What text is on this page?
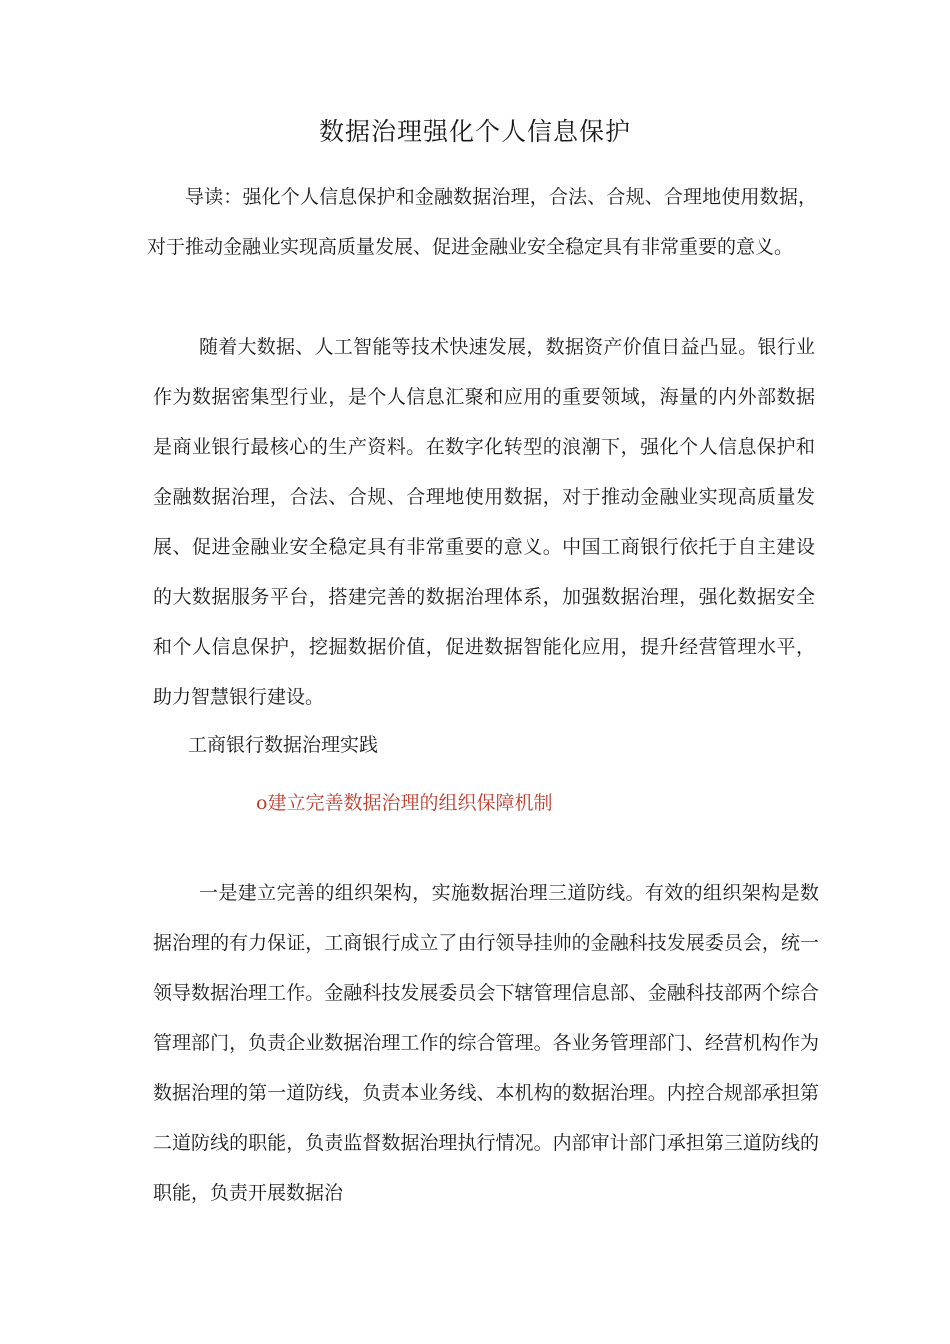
数据治理强化个人信息保护

导读：强化个人信息保护和金融数据治理，合法、合规、合理地使用数据，对于推动金融业实现高质量发展、促进金融业安全稳定具有非常重要的意义。

随着大数据、人工智能等技术快速发展，数据资产价值日益凸显。银行业作为数据密集型行业，是个人信息汇聚和应用的重要领域，海量的内外部数据是商业银行最核心的生产资料。在数字化转型的浪潮下，强化个人信息保护和金融数据治理，合法、合规、合理地使用数据，对于推动金融业实现高质量发展、促进金融业安全稳定具有非常重要的意义。中国工商银行依托于自主建设的大数据服务平台，搭建完善的数据治理体系，加强数据治理，强化数据安全和个人信息保护，挖掘数据价值，促进数据智能化应用，提升经营管理水平，助力智慧银行建设。

工商银行数据治理实践

o建立完善数据治理的组织保障机制

一是建立完善的组织架构，实施数据治理三道防线。有效的组织架构是数据治理的有力保证，工商银行成立了由行领导挂帅的金融科技发展委员会，统一领导数据治理工作。金融科技发展委员会下辖管理信息部、金融科技部两个综合管理部门，负责企业数据治理工作的综合管理。各业务管理部门、经营机构作为数据治理的第一道防线，负责本业务线、本机构的数据治理。内控合规部承担第二道防线的职能，负责监督数据治理执行情况。内部审计部门承担第三道防线的职能，负责开展数据治
